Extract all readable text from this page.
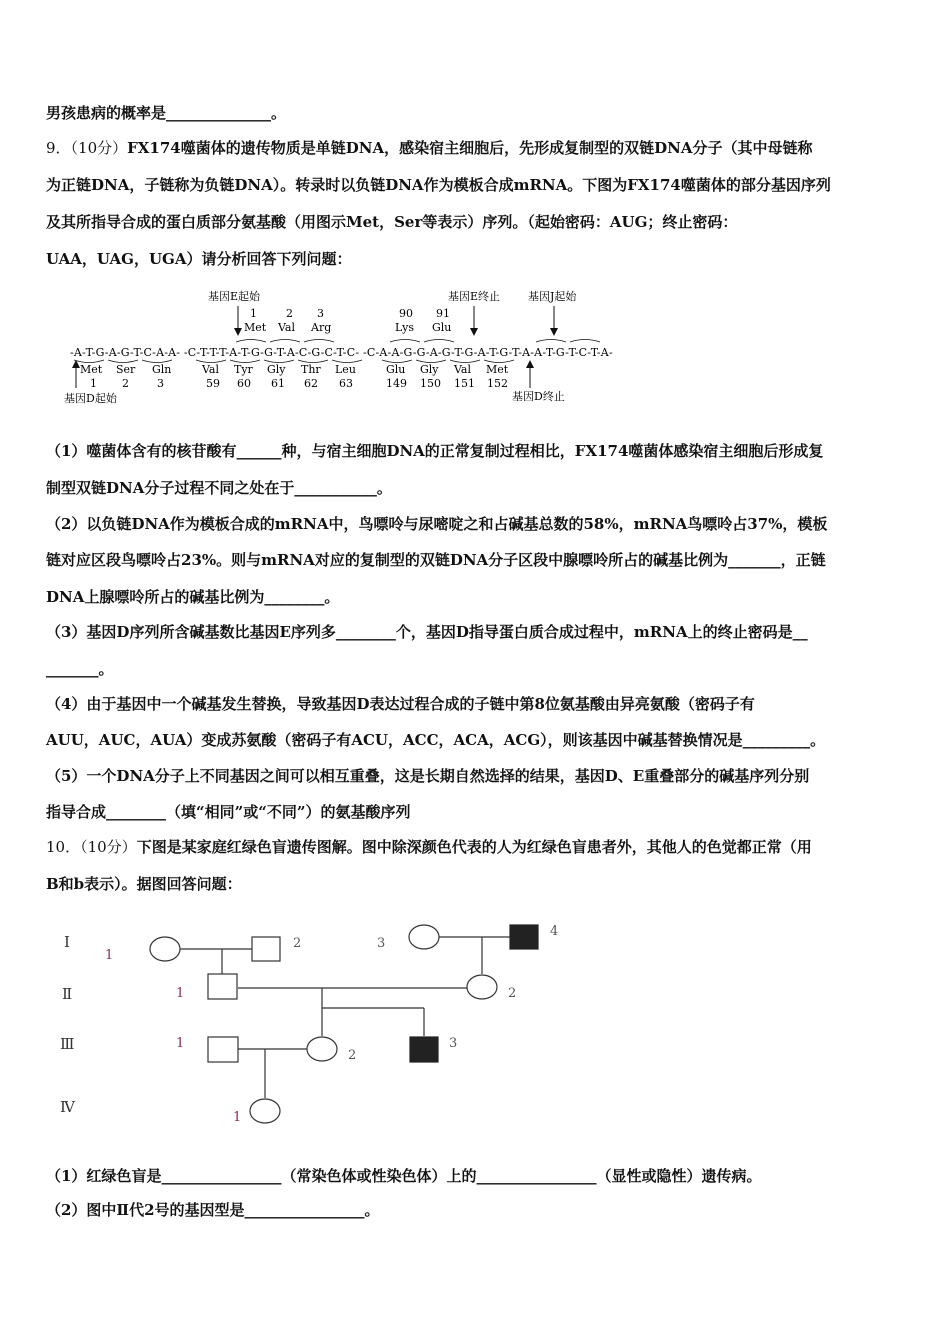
男孩患病的概率是______________。
9．（10分）FX174噬菌体的遗传物质是单链DNA，感染宿主细胞后，先形成复制型的双链DNA分子（其中母链称
为正链DNA，子链称为负链DNA）。转录时以负链DNA作为模板合成mRNA。下图为FX174噬菌体的部分基因序列
及其所指导合成的蛋白质部分氨基酸（用图示Met，Ser等表示）序列。（起始密码：AUG；终止密码：
UAA，UAG，UGA）请分析回答下列问题：
基因E起始	基因E终止	基因J起始
1
Met
2
Val
3
Arg
90
Lys
91
Glu
-A-T-G-A-G-T-C-A-A- -C-T-T-T-A-T-G-G-T-A-C-G-C-T-C- -C-A-A-G-G-A-G-T-G-A-T-G-T-A-A-T-G-T-C-T-A-
Met
1
Ser
2
Gln
3
Val
59
Tyr
60
Gly
61
Thr
62
Leu
63
Glu
149
Gly
150
Val
151
Met
152
基因D起始	基因D终止
（1）噬菌体含有的核苷酸有______种，与宿主细胞DNA的正常复制过程相比，FX174噬菌体感染宿主细胞后形成复
制型双链DNA分子过程不同之处在于___________。
（2）以负链DNA作为模板合成的mRNA中，鸟嘌呤与尿嘧啶之和占碱基总数的58%，mRNA鸟嘌呤占37%，模板
链对应区段鸟嘌呤占23%。则与mRNA对应的复制型的双链DNA分子区段中腺嘌呤所占的碱基比例为_______，正链
DNA上腺嘌呤所占的碱基比例为________。
（3）基因D序列所含碱基数比基因E序列多________个，基因D指导蛋白质合成过程中，mRNA上的终止密码是__
_______。
（4）由于基因中一个碱基发生替换，导致基因D表达过程合成的子链中第8位氨基酸由异亮氨酸（密码子有
AUU，AUC，AUA）变成苏氨酸（密码子有ACU，ACC，ACA，ACG），则该基因中碱基替换情况是_________。
（5）一个DNA分子上不同基因之间可以相互重叠，这是长期自然选择的结果，基因D、E重叠部分的碱基序列分别
指导合成________（填“相同”或“不同”）的氨基酸序列
10．（10分）下图是某家庭红绿色盲遗传图解。图中除深颜色代表的人为红绿色盲患者外，其他人的色觉都正常（用
B和b表示）。据图回答问题：
Ⅰ
Ⅱ
Ⅲ
Ⅳ
1
2	3
4
1	2
1
2
3
1
（1）红绿色盲是________________（常染色体或性染色体）上的________________（显性或隐性）遗传病。
（2）图中Ⅱ代2号的基因型是________________。
